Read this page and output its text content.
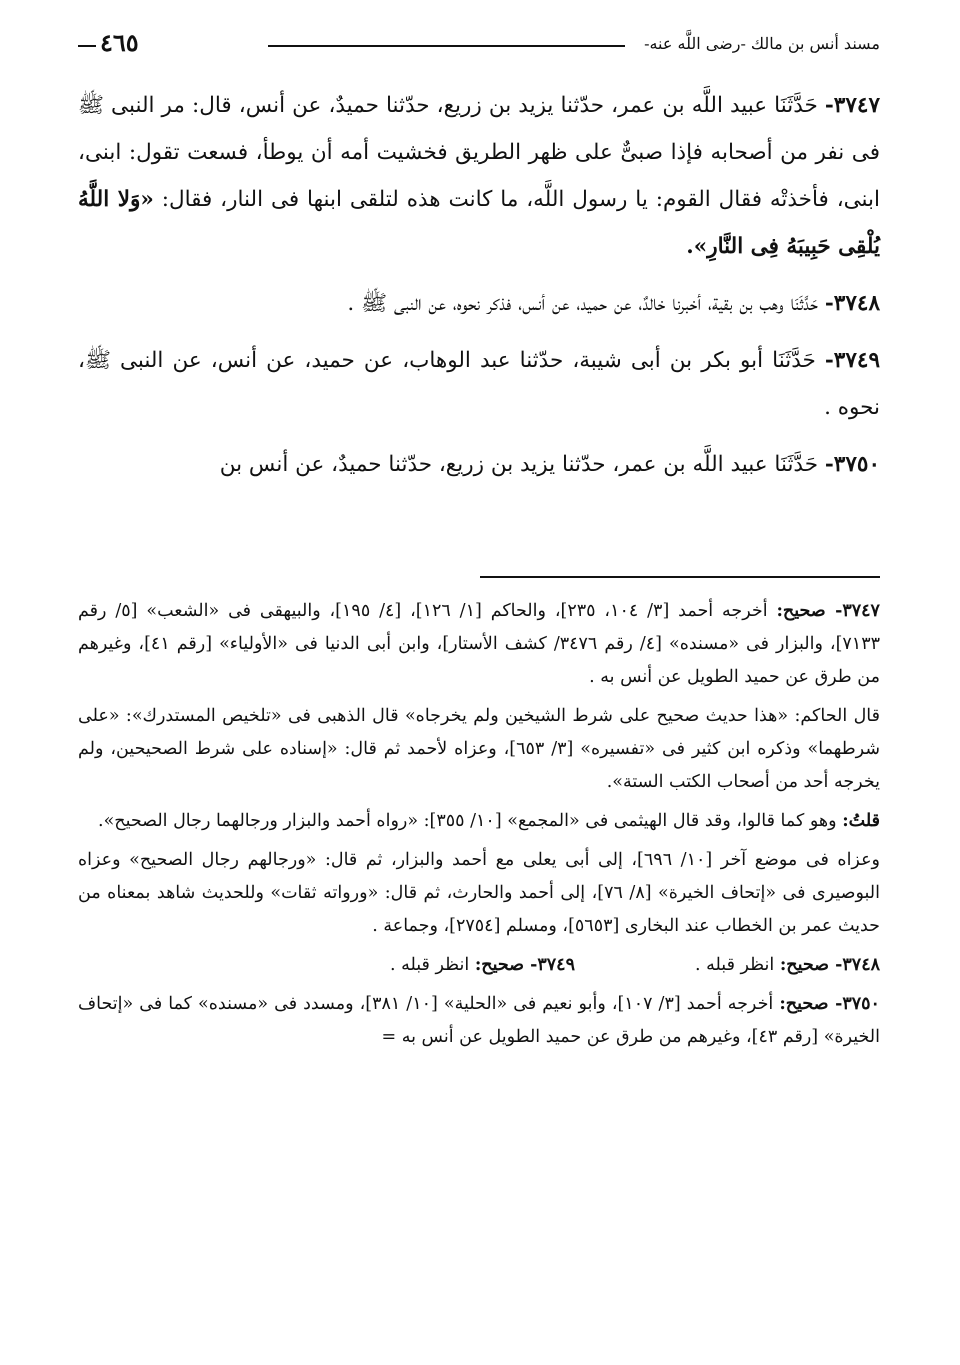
مسند أنس بن مالك -رضى اللَّه عنه-
٤٦٥

٣٧٤٧- حَدَّثَنَا عبيد اللَّه بن عمر، حدّثنا يزيد بن زريع، حدّثنا حميدٌ، عن أنس، قال: مر النبى ﷺ فى نفر من أصحابه فإذا صبىٌّ على ظهر الطريق فخشيت أمه أن يوطأ، فسعت تقول: ابنى، ابنى، فأخذتْه فقال القوم: يا رسول اللَّه، ما كانت هذه لتلقى ابنها فى النار، فقال: «وَلا اللَّهُ يُلْقِى حَبِيبَهُ فِى النَّارِ».

٣٧٤٨- حَدَّثَنَا وهب بن بقية، أخبرنا خالدٌ، عن حميد، عن أنس، فذكر نحوه، عن النبى ﷺ .

٣٧٤٩- حَدَّثَنَا أبو بكر بن أبى شيبة، حدّثنا عبد الوهاب، عن حميد، عن أنس، عن النبى ﷺ، نحوه .

٣٧٥٠- حَدَّثَنَا عبيد اللَّه بن عمر، حدّثنا يزيد بن زريع، حدّثنا حميدٌ، عن أنس بن

٣٧٤٧- صحيح: أخرجه أحمد [٣/ ١٠٤، ٢٣٥]، والحاكم [١/ ١٢٦]، [٤/ ١٩٥]، والبيهقى فى «الشعب» [٥/ رقم ٧١٣٣]، والبزار فى «مسنده» [٤/ رقم ٣٤٧٦/ كشف الأستار]، وابن أبى الدنيا فى «الأولياء» [رقم ٤١]، وغيرهم من طرق عن حميد الطويل عن أنس به .

قال الحاكم: «هذا حديث صحيح على شرط الشيخين ولم يخرجاه» قال الذهبى فى «تلخيص المستدرك»: «على شرطهما» وذكره ابن كثير فى «تفسيره» [٣/ ٦٥٣]، وعزاه لأحمد ثم قال: «إسناده على شرط الصحيحين، ولم يخرجه أحد من أصحاب الكتب الستة».

قلتُ: وهو كما قالوا، وقد قال الهيثمى فى «المجمع» [١٠/ ٣٥٥]: «رواه أحمد والبزار ورجالهما رجال الصحيح».

وعزاه فى موضع آخر [١٠/ ٦٩٦]، إلى أبى يعلى مع أحمد والبزار، ثم قال: «ورجالهم رجال الصحيح» وعزاه البوصيرى فى «إتحاف الخيرة» [٨/ ٧٦]، إلى أحمد والحارث، ثم قال: «ورواته ثقات» وللحديث شاهد بمعناه من حديث عمر بن الخطاب عند البخارى [٥٦٥٣]، ومسلم [٢٧٥٤]، وجماعة .

٣٧٤٨- صحيح: انظر قبله .
٣٧٤٩- صحيح: انظر قبله .

٣٧٥٠- صحيح: أخرجه أحمد [٣/ ١٠٧]، وأبو نعيم فى «الحلية» [١٠/ ٣٨١]، ومسدد فى «مسنده» كما فى «إتحاف الخيرة» [رقم ٤٣]، وغيرهم من طرق عن حميد الطويل عن أنس به =
